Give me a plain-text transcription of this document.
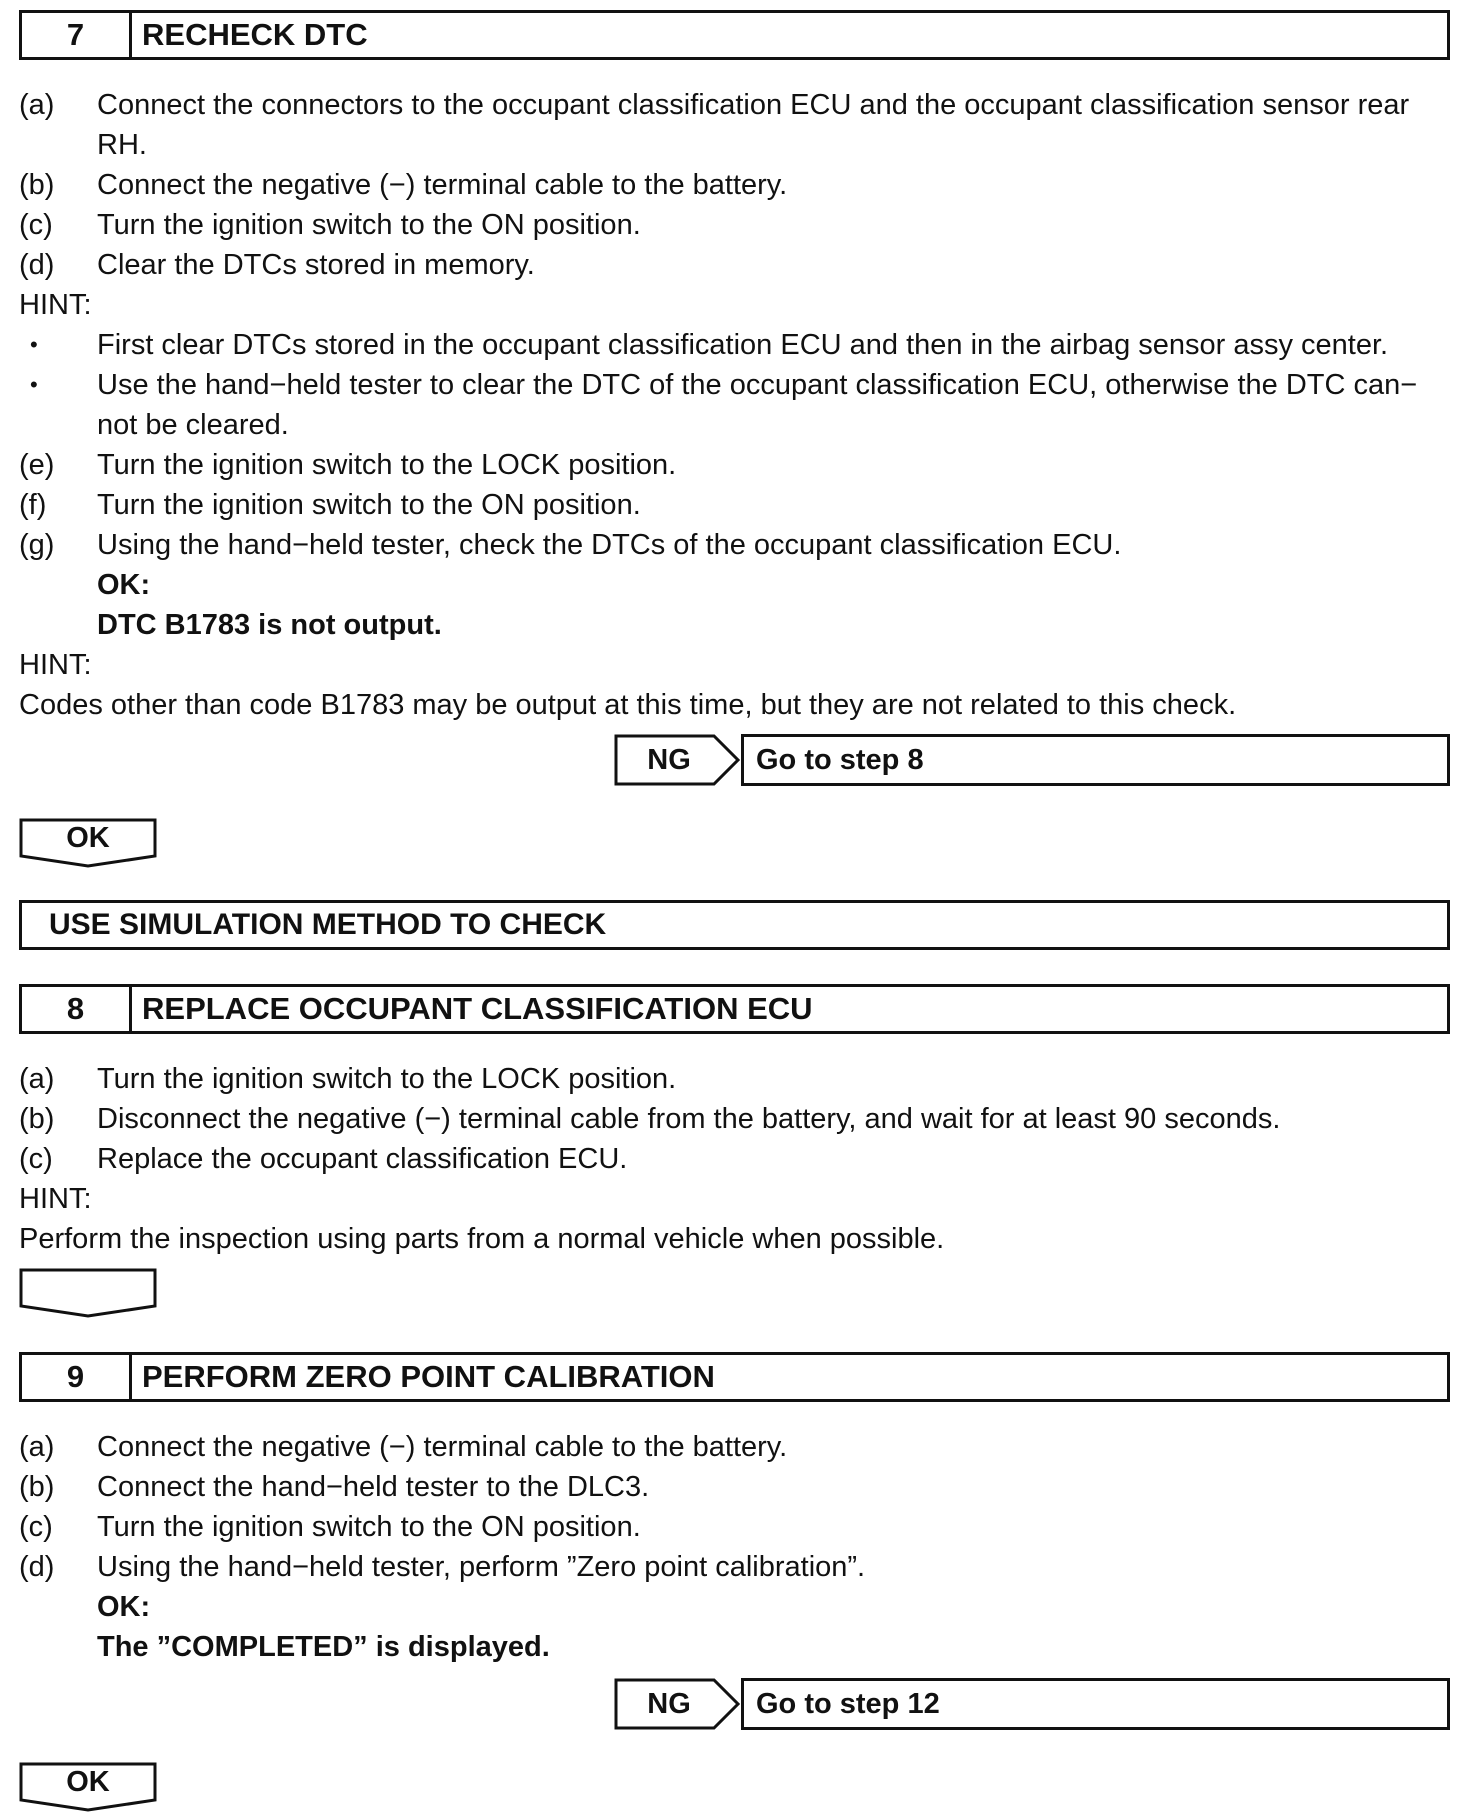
7	RECHECK DTC
(a) Connect the connectors to the occupant classification ECU and the occupant classification sensor rear
RH.
(b) Connect the negative (−) terminal cable to the battery.
(c) Turn the ignition switch to the ON position.
(d) Clear the DTCs stored in memory.
HINT:
• First clear DTCs stored in the occupant classification ECU and then in the airbag sensor assy center.
• Use the hand−held tester to clear the DTC of the occupant classification ECU, otherwise the DTC can−
not be cleared.
(e) Turn the ignition switch to the LOCK position.
(f) Turn the ignition switch to the ON position.
(g) Using the hand−held tester, check the DTCs of the occupant classification ECU.
OK:
DTC B1783 is not output.
HINT:
Codes other than code B1783 may be output at this time, but they are not related to this check.
NG	Go to step 8
OK
USE SIMULATION METHOD TO CHECK
8	REPLACE OCCUPANT CLASSIFICATION ECU
(a) Turn the ignition switch to the LOCK position.
(b) Disconnect the negative (−) terminal cable from the battery, and wait for at least 90 seconds.
(c) Replace the occupant classification ECU.
HINT:
Perform the inspection using parts from a normal vehicle when possible.
9	PERFORM ZERO POINT CALIBRATION
(a) Connect the negative (−) terminal cable to the battery.
(b) Connect the hand−held tester to the DLC3.
(c) Turn the ignition switch to the ON position.
(d) Using the hand−held tester, perform ”Zero point calibration”.
OK:
The ”COMPLETED” is displayed.
NG	Go to step 12
OK
